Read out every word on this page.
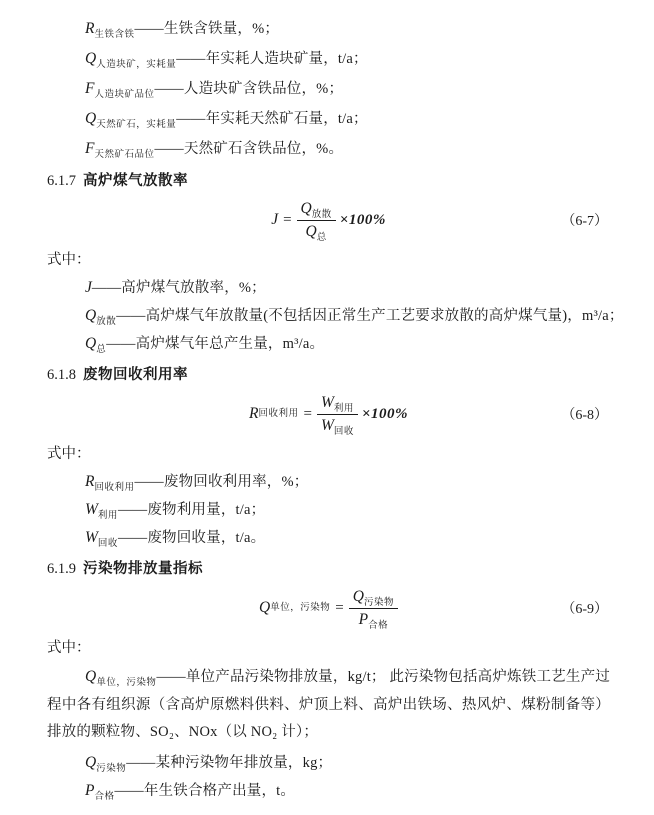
$R_{生铁含铁}——$生铁含铁量，%；
$Q_{人造块矿,实耗量}——$年实耗人造块矿量，t/a；
$F_{人造块矿品位}——$人造块矿含铁品位，%；
$Q_{天然矿石,实耗量}——$年实耗天然矿石量，t/a；
$F_{天然矿石品位}——$天然矿石含铁品位，%。
6.1.7 高炉煤气放散率
$J = \frac{Q_{放散}}{Q_总} \times 100\%$	（6-7）
式中：
J——高炉煤气放散率，%；
$Q_{放散}——$高炉煤气年放散量(不包括因正常生产工艺要求放散的高炉煤气量)，m³/a；
$Q_总——$高炉煤气年总产生量，m³/a。
6.1.8 废物回收利用率
R 回收利用 = $\frac{W_{利用}}{W_{回收}} \times 100\%$	（6-8）
式中：
$R_{回收利用}——$废物回收利用率，%；
$W_{利用}——$废物利用量，t/a；
$W_{回收}——$废物回收量，t/a。
6.1.9 污染物排放量指标
Q 单位，污染物 = $\frac{Q_{污染物}}{P_{合格}}$	（6-9）
式中：

$Q_{单位,污染物}——$单位产品污染物排放量，kg/t； 此污染物包括高炉炼铁工艺生产过程中各有组织源（含高炉原燃料供料、炉顶上料、高炉出铁场、热风炉、煤粉制备等）排放的颗粒物、SO₂、NOx（以 NO₂ 计）；

$Q_{污染物}——$某种污染物年排放量，kg；
$P_{合格}——$年生铁合格产出量，t。
